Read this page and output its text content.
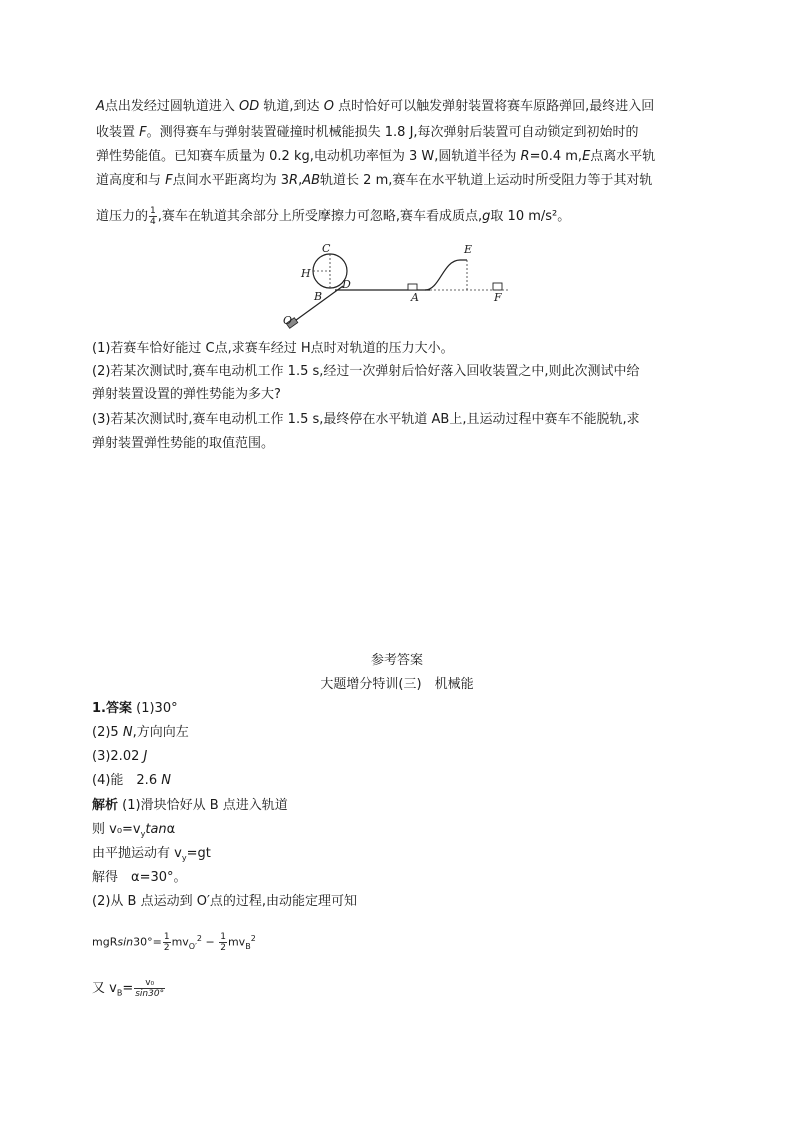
A点出发经过圆轨道进入 OD 轨道,到达 O 点时恰好可以触发弹射装置将赛车原路弹回,最终进入回
收装置 F。测得赛车与弹射装置碰撞时机械能损失 1.8 J,每次弹射后装置可自动锁定到初始时的
弹性势能值。已知赛车质量为 0.2 kg,电动机功率恒为 3 W,圆轨道半径为 R=0.4 m,E点离水平轨
道高度和与 F点间水平距离均为 3R,AB轨道长 2 m,赛车在水平轨道上运动时所受阻力等于其对轨
道压力的 $\frac{1}{4}$ ,赛车在轨道其余部分上所受摩擦力可忽略,赛车看成质点,g取 10 m/s²。
C
H
B
D
O
A
E
F
(1)若赛车恰好能过 C点,求赛车经过 H点时对轨道的压力大小。
(2)若某次测试时,赛车电动机工作 1.5 s,经过一次弹射后恰好落入回收装置之中,则此次测试中给
弹射装置设置的弹性势能为多大?
(3)若某次测试时,赛车电动机工作 1.5 s,最终停在水平轨道 AB上,且运动过程中赛车不能脱轨,求
弹射装置弹性势能的取值范围。
参考答案
大题增分特训(三)　机械能
1.答案 (1)30°
(2)5 N,方向向左
(3)2.02 J
(4)能　2.6 N
解析 (1)滑块恰好从 B 点进入轨道
则 $v_0=v_y\tan\alpha$
由平抛运动有 $v_y=gt$
解得　α=30°。
(2)从 B 点运动到 O′点的过程,由动能定理可知
$mgRsin30^\circ= \frac{1}{2} mv_{O'}^2 - \frac{1}{2} mv_B^2$
又 $v_B= \frac{\text{v₀}}{\sin 30^\circ}$
